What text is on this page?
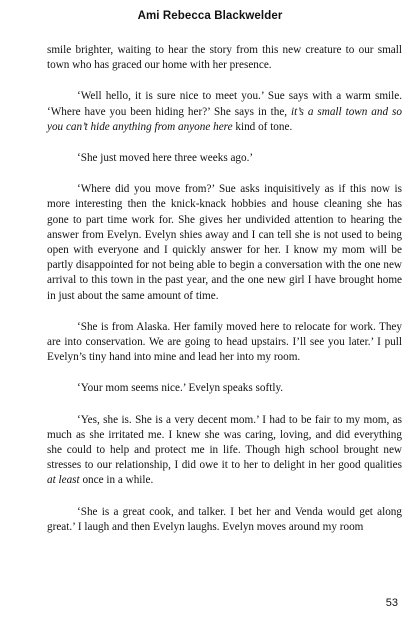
Ami Rebecca Blackwelder

smile brighter, waiting to hear the story from this new creature to our small town who has graced our home with her presence.

‘Well hello, it is sure nice to meet you.’ Sue says with a warm smile. ‘Where have you been hiding her?’ She says in the, it’s a small town and so you can’t hide anything from anyone here kind of tone.

‘She just moved here three weeks ago.’

‘Where did you move from?’ Sue asks inquisitively as if this now is more interesting then the knick-knack hobbies and house cleaning she has gone to part time work for. She gives her undivided attention to hearing the answer from Evelyn. Evelyn shies away and I can tell she is not used to being open with everyone and I quickly answer for her. I know my mom will be partly disappointed for not being able to begin a conversation with the one new arrival to this town in the past year, and the one new girl I have brought home in just about the same amount of time.

‘She is from Alaska. Her family moved here to relocate for work. They are into conservation. We are going to head upstairs. I’ll see you later.’ I pull Evelyn’s tiny hand into mine and lead her into my room.

‘Your mom seems nice.’ Evelyn speaks softly.

‘Yes, she is. She is a very decent mom.’ I had to be fair to my mom, as much as she irritated me. I knew she was caring, loving, and did everything she could to help and protect me in life. Though high school brought new stresses to our relationship, I did owe it to her to delight in her good qualities at least once in a while.

‘She is a great cook, and talker. I bet her and Venda would get along great.’ I laugh and then Evelyn laughs. Evelyn moves around my room

53
